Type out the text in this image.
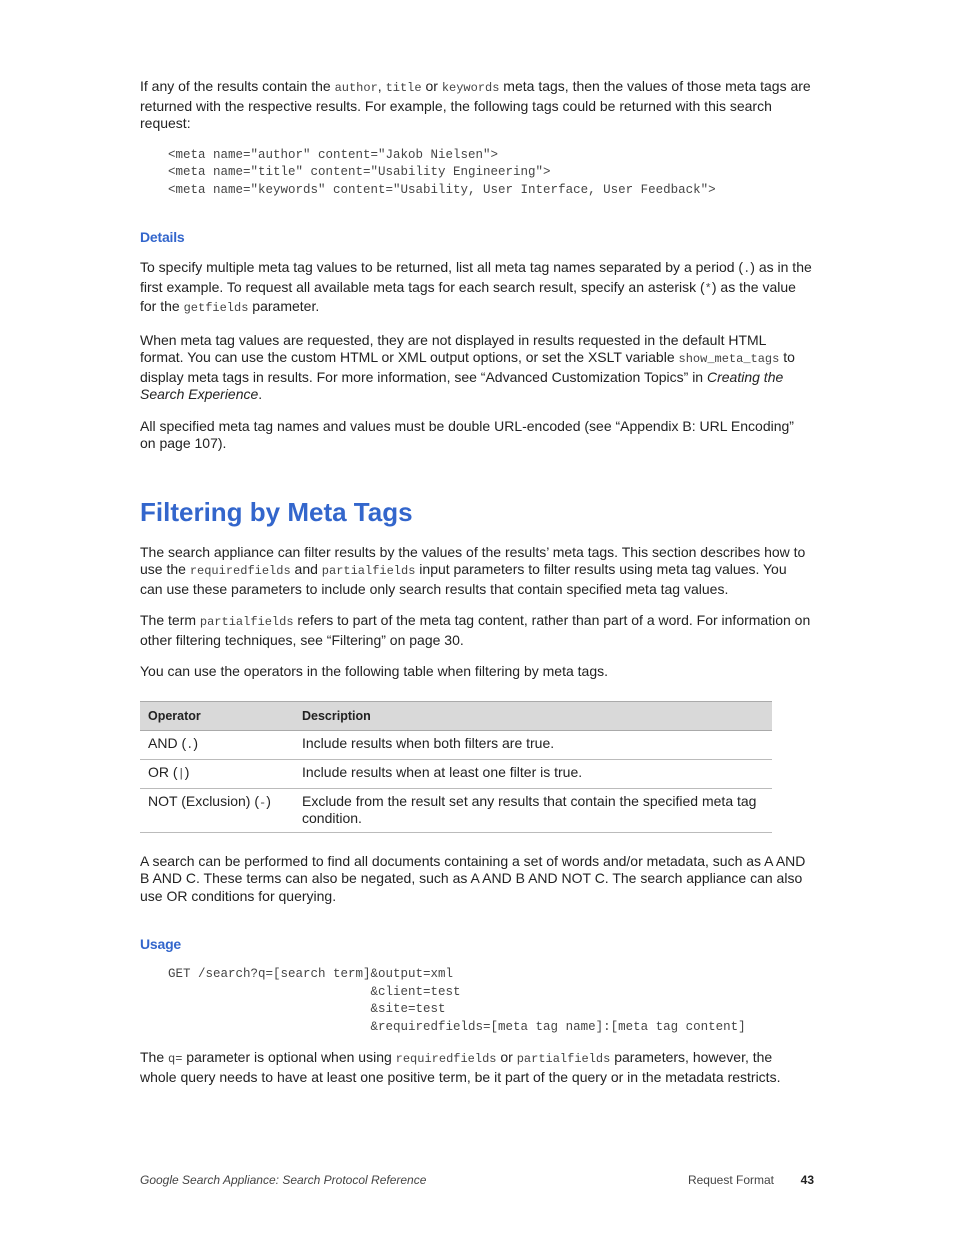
If any of the results contain the author, title or keywords meta tags, then the values of those meta tags are returned with the respective results. For example, the following tags could be returned with this search request:

<meta name="author" content="Jakob Nielsen">
<meta name="title" content="Usability Engineering">
<meta name="keywords" content="Usability, User Interface, User Feedback">
Details

To specify multiple meta tag values to be returned, list all meta tag names separated by a period (.) as in the first example. To request all available meta tags for each search result, specify an asterisk (*) as the value for the getfields parameter.

When meta tag values are requested, they are not displayed in results requested in the default HTML format. You can use the custom HTML or XML output options, or set the XSLT variable show_meta_tags to display meta tags in results. For more information, see “Advanced Customization Topics” in Creating the Search Experience.

All specified meta tag names and values must be double URL-encoded (see “Appendix B: URL Encoding” on page 107).

Filtering by Meta Tags

The search appliance can filter results by the values of the results’ meta tags. This section describes how to use the requiredfields and partialfields input parameters to filter results using meta tag values. You can use these parameters to include only search results that contain specified meta tag values.

The term partialfields refers to part of the meta tag content, rather than part of a word. For information on other filtering techniques, see “Filtering” on page 30.

You can use the operators in the following table when filtering by meta tags.

Operator	Description
AND (.)	Include results when both filters are true.
OR (|)	Include results when at least one filter is true.
NOT (Exclusion) (-)	Exclude from the result set any results that contain the specified meta tag condition.

A search can be performed to find all documents containing a set of words and/or metadata, such as A AND B AND C. These terms can also be negated, such as A AND B AND NOT C. The search appliance can also use OR conditions for querying.

Usage
GET /search?q=[search term]&output=xml
&client=test
&site=test
&requiredfields=[meta tag name]:[meta tag content]

The q= parameter is optional when using requiredfields or partialfields parameters, however, the whole query needs to have at least one positive term, be it part of the query or in the metadata restricts.

Google Search Appliance: Search Protocol Reference	Request Format 43
